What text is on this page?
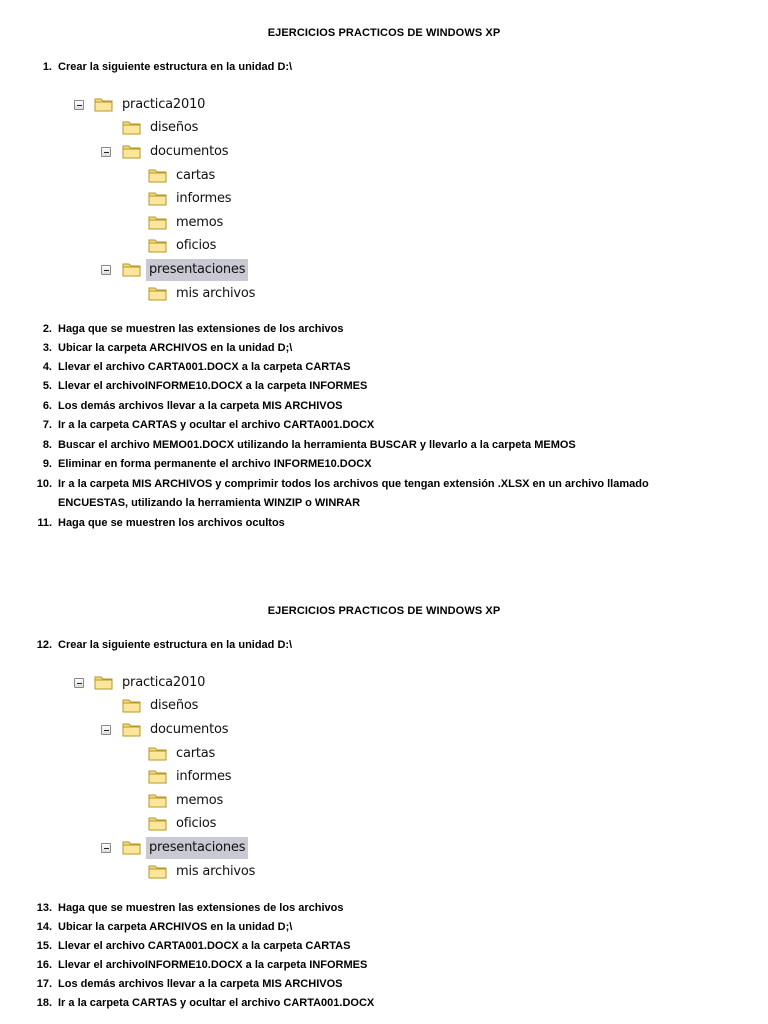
EJERCICIOS PRACTICOS DE WINDOWS XP
1. Crear la siguiente estructura en la unidad D:\
practica2010
diseños
documentos
cartas
informes
memos
oficios
presentaciones
mis archivos
2. Haga que se muestren las extensiones de los archivos
3. Ubicar la carpeta ARCHIVOS en la unidad D;\
4. Llevar el archivo CARTA001.DOCX a la carpeta CARTAS
5. Llevar el archivoINFORME10.DOCX a la carpeta INFORMES
6. Los demás archivos llevar a la carpeta MIS ARCHIVOS
7. Ir a la carpeta CARTAS y ocultar el archivo CARTA001.DOCX
8. Buscar el archivo MEMO01.DOCX utilizando la herramienta BUSCAR y llevarlo a la carpeta MEMOS
9. Eliminar en forma permanente el archivo INFORME10.DOCX
10. Ir a la carpeta MIS ARCHIVOS y comprimir todos los archivos que tengan extensión .XLSX en un archivo llamado
ENCUESTAS, utilizando la herramienta WINZIP o WINRAR
11. Haga que se muestren los archivos ocultos
EJERCICIOS PRACTICOS DE WINDOWS XP
12. Crear la siguiente estructura en la unidad D:\
practica2010
diseños
documentos
cartas
informes
memos
oficios
presentaciones
mis archivos
13. Haga que se muestren las extensiones de los archivos
14. Ubicar la carpeta ARCHIVOS en la unidad D;\
15. Llevar el archivo CARTA001.DOCX a la carpeta CARTAS
16. Llevar el archivoINFORME10.DOCX a la carpeta INFORMES
17. Los demás archivos llevar a la carpeta MIS ARCHIVOS
18. Ir a la carpeta CARTAS y ocultar el archivo CARTA001.DOCX
